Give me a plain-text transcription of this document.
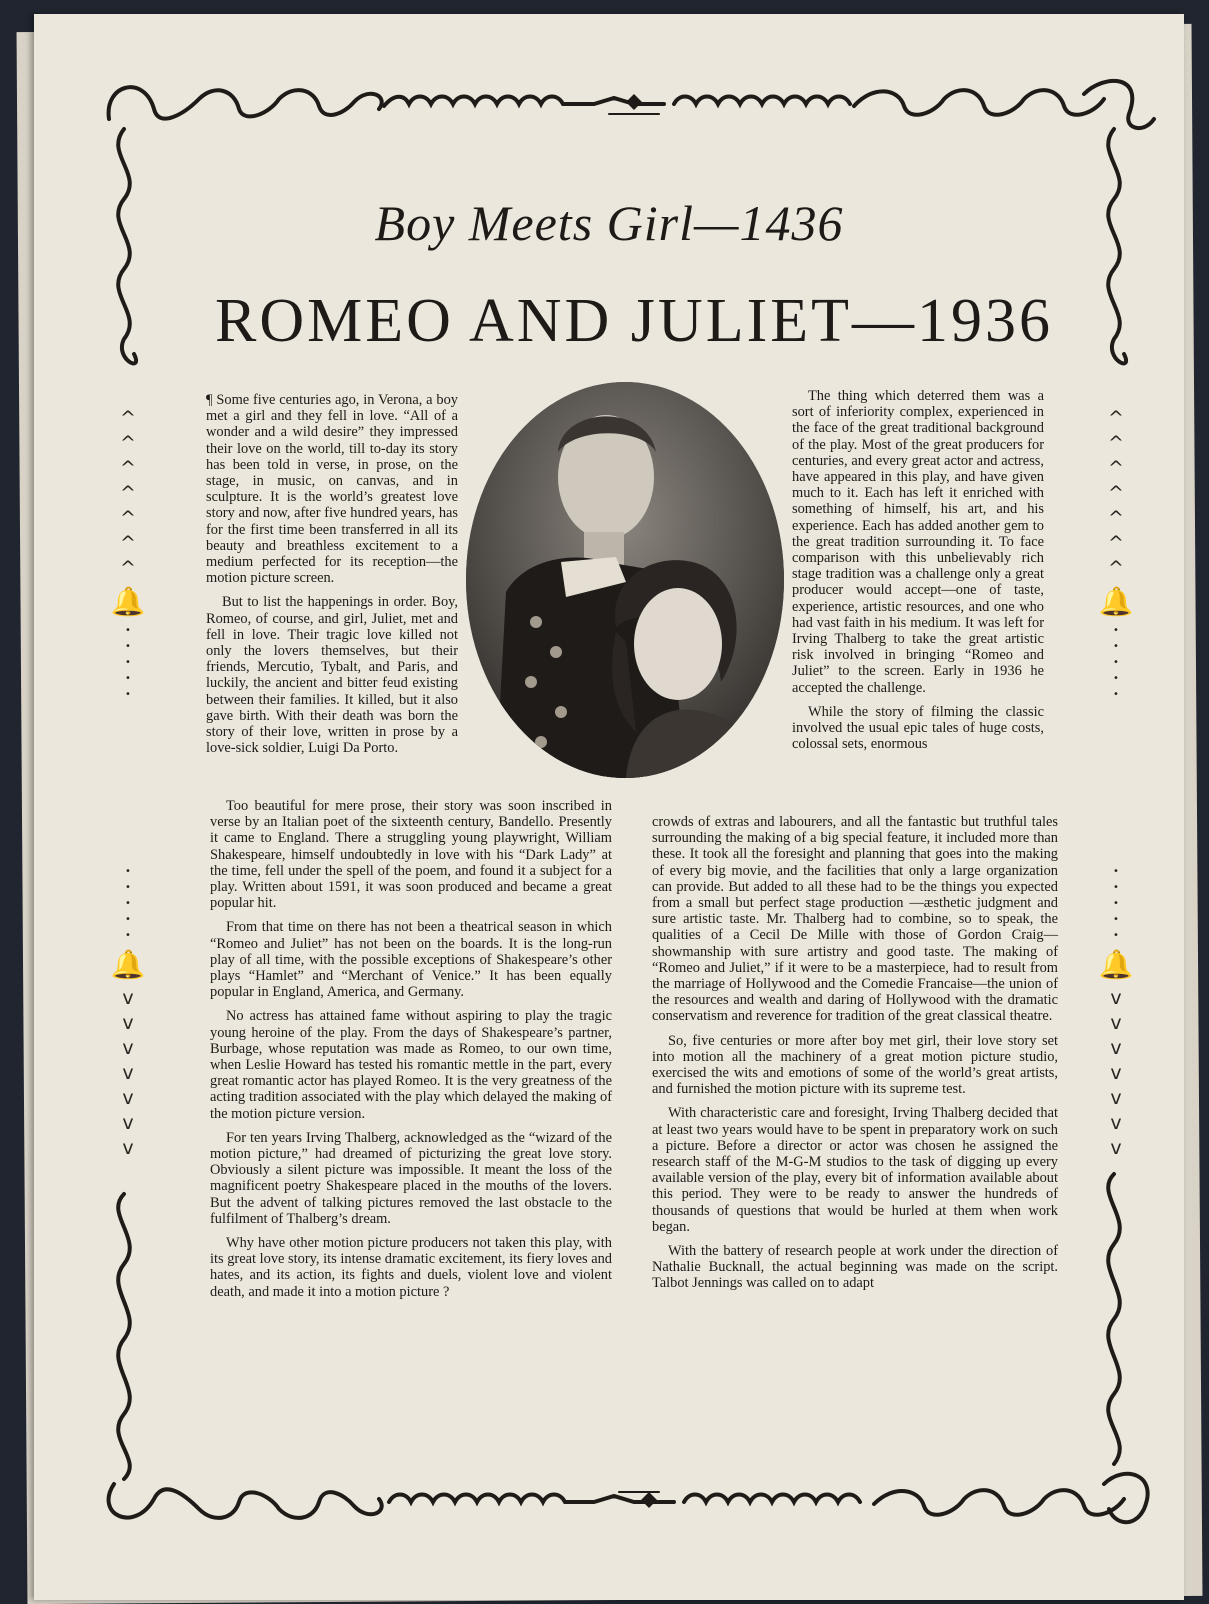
^
^
^
^
^
^
^
🔔
•
•
•
•
•
•
•
•
•
•
🔔
v
v
v
v
v
v
v
^
^
^
^
^
^
^
🔔
•
•
•
•
•
•
•
•
•
•
🔔
v
v
v
v
v
v
v
Boy Meets Girl—1436
ROMEO AND JULIET—1936

¶ Some five centuries ago, in Verona, a boy met a girl and they fell in love. “All of a wonder and a wild desire” they impressed their love on the world, till to-day its story has been told in verse, in prose, on the stage, in music, on canvas, and in sculpture. It is the world’s greatest love story and now, after five hundred years, has for the first time been transferred in all its beauty and breathless excitement to a medium perfected for its reception—the motion picture screen.

But to list the happenings in order. Boy, Romeo, of course, and girl, Juliet, met and fell in love. Their tragic love killed not only the lovers themselves, but their friends, Mercutio, Tybalt, and Paris, and luckily, the ancient and bitter feud existing between their families. It killed, but it also gave birth. With their death was born the story of their love, written in prose by a love-sick soldier, Luigi Da Porto.

The thing which deterred them was a sort of inferiority complex, experienced in the face of the great traditional background of the play. Most of the great producers for centuries, and every great actor and actress, have appeared in this play, and have given much to it. Each has left it enriched with something of himself, his art, and his experience. Each has added another gem to the great tradition surrounding it. To face comparison with this unbelievably rich stage tradition was a challenge only a great producer would accept—one of taste, experience, artistic resources, and one who had vast faith in his medium. It was left for Irving Thalberg to take the great artistic risk involved in bringing “Romeo and Juliet” to the screen. Early in 1936 he accepted the challenge.

While the story of filming the classic involved the usual epic tales of huge costs, colossal sets, enormous

Too beautiful for mere prose, their story was soon inscribed in verse by an Italian poet of the sixteenth century, Bandello. Presently it came to England. There a struggling young playwright, William Shakespeare, himself undoubtedly in love with his “Dark Lady” at the time, fell under the spell of the poem, and found it a subject for a play. Written about 1591, it was soon produced and became a great popular hit.

From that time on there has not been a theatrical season in which “Romeo and Juliet” has not been on the boards. It is the long-run play of all time, with the possible exceptions of Shakespeare’s other plays “Hamlet” and “Merchant of Venice.” It has been equally popular in England, America, and Germany.

No actress has attained fame without aspiring to play the tragic young heroine of the play. From the days of Shakespeare’s partner, Burbage, whose reputation was made as Romeo, to our own time, when Leslie Howard has tested his romantic mettle in the part, every great romantic actor has played Romeo. It is the very greatness of the acting tradition associated with the play which delayed the making of the motion picture version.

For ten years Irving Thalberg, acknowledged as the “wizard of the motion picture,” had dreamed of picturizing the great love story. Obviously a silent picture was impossible. It meant the loss of the magnificent poetry Shakespeare placed in the mouths of the lovers. But the advent of talking pictures removed the last obstacle to the fulfilment of Thalberg’s dream.

Why have other motion picture producers not taken this play, with its great love story, its intense dramatic excitement, its fiery loves and hates, and its action, its fights and duels, violent love and violent death, and made it into a motion picture ?

crowds of extras and labourers, and all the fantastic but truthful tales surrounding the making of a big special feature, it included more than these. It took all the foresight and planning that goes into the making of every big movie, and the facilities that only a large organization can provide. But added to all these had to be the things you expected from a small but perfect stage production —æsthetic judgment and sure artistic taste. Mr. Thalberg had to combine, so to speak, the qualities of a Cecil De Mille with those of Gordon Craig—showmanship with sure artistry and good taste. The making of “Romeo and Juliet,” if it were to be a masterpiece, had to result from the marriage of Hollywood and the Comedie Francaise—the union of the resources and wealth and daring of Hollywood with the dramatic conservatism and reverence for tradition of the great classical theatre.

So, five centuries or more after boy met girl, their love story set into motion all the machinery of a great motion picture studio, exercised the wits and emotions of some of the world’s great artists, and furnished the motion picture with its supreme test.

With characteristic care and foresight, Irving Thalberg decided that at least two years would have to be spent in preparatory work on such a picture. Before a director or actor was chosen he assigned the research staff of the M-G-M studios to the task of digging up every available version of the play, every bit of information available about this period. They were to be ready to answer the hundreds of thousands of questions that would be hurled at them when work began.

With the battery of research people at work under the direction of Nathalie Bucknall, the actual beginning was made on the script. Talbot Jennings was called on to adapt
